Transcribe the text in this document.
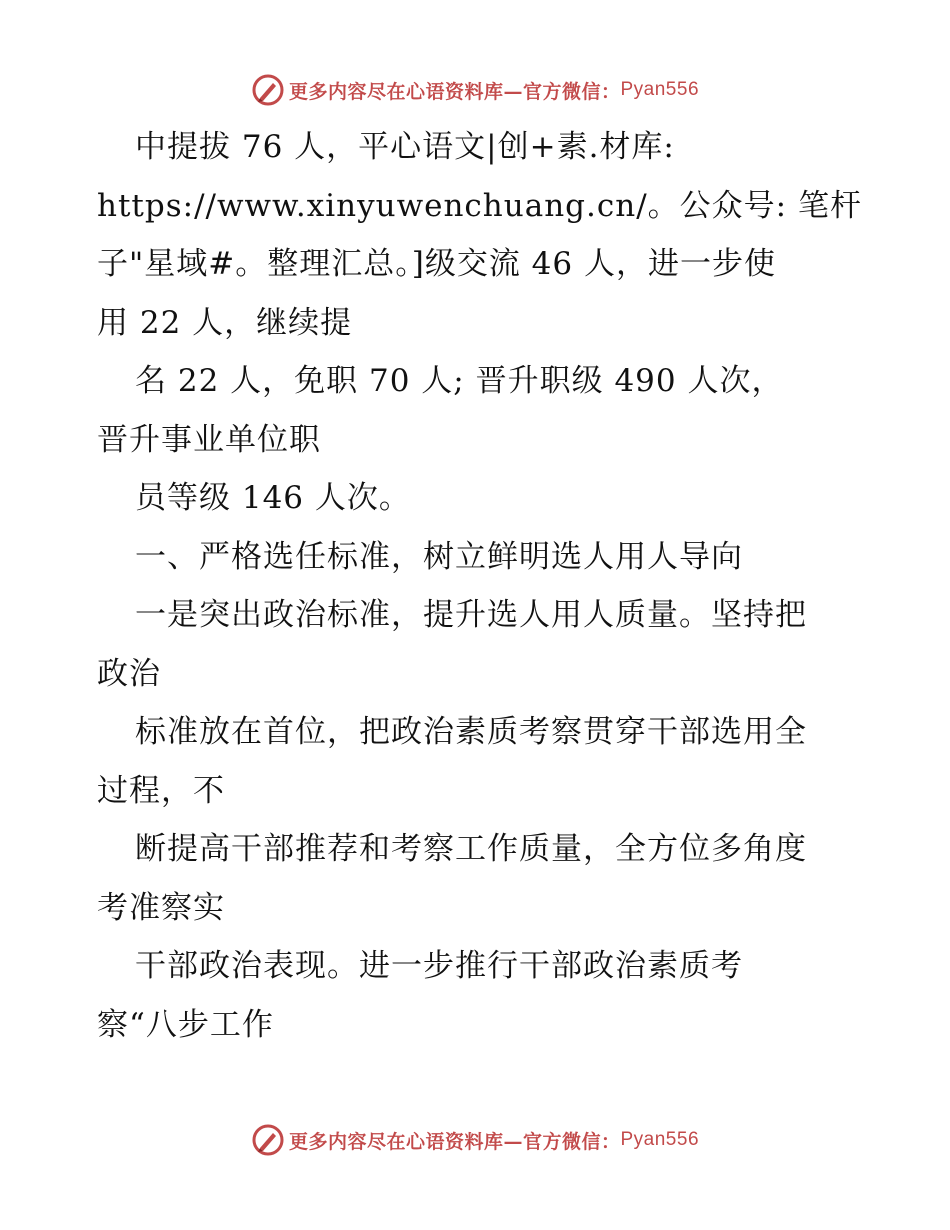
更多内容尽在心语资料库—官方微信： Pyan556
中提拔 76 人，平心语文|创+素.材库:
https://www.xinyuwenchuang.cn/。公众号: 笔杆
子"星域#。整理汇总。]级交流 46 人，进一步使
用 22 人，继续提
名 22 人，免职 70 人; 晋升职级 490 人次，
晋升事业单位职
员等级 146 人次。
一、严格选任标准，树立鲜明选人用人导向
一是突出政治标准，提升选人用人质量。坚持把
政治
标准放在首位，把政治素质考察贯穿干部选用全
过程，不
断提高干部推荐和考察工作质量，全方位多角度
考准察实
干部政治表现。进一步推行干部政治素质考
察“八步工作
更多内容尽在心语资料库—官方微信： Pyan556
